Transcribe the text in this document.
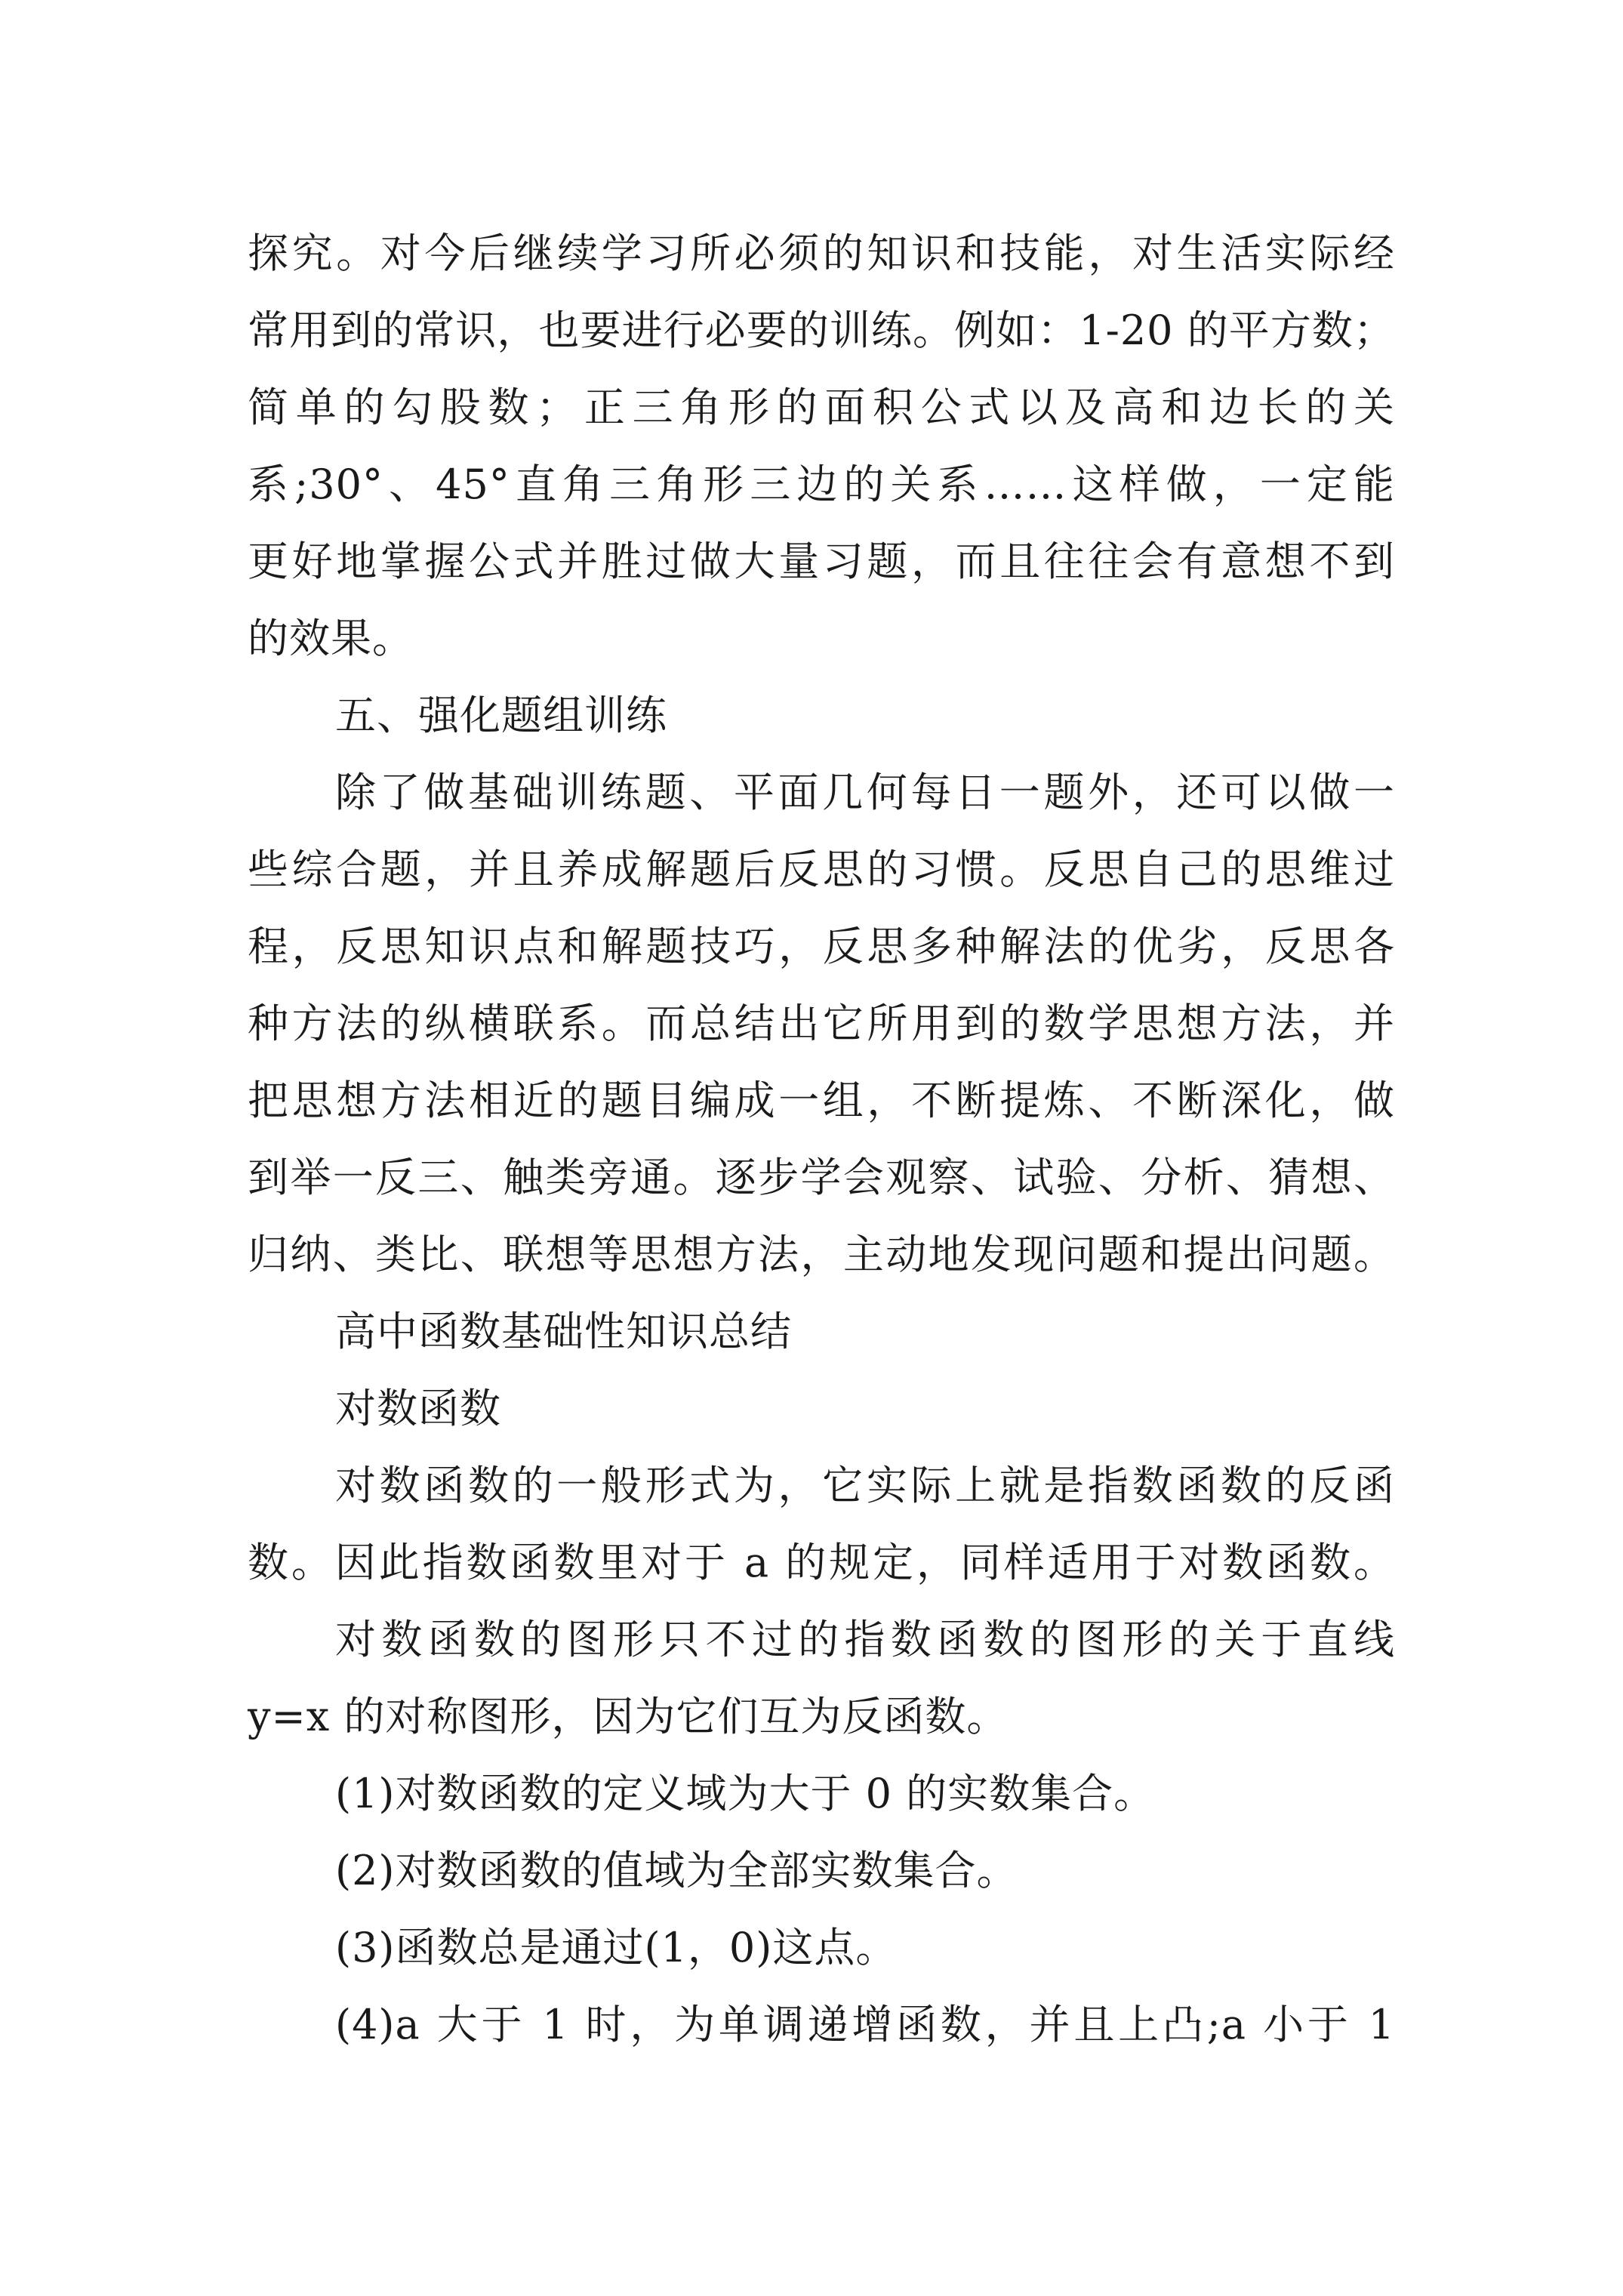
探究。对今后继续学习所必须的知识和技能，对生活实际经
常用到的常识，也要进行必要的训练。例如：1-20 的平方数；
简单的勾股数；正三角形的面积公式以及高和边长的关
系;30°、45°直角三角形三边的关系……这样做，一定能
更好地掌握公式并胜过做大量习题，而且往往会有意想不到
的效果。
五、强化题组训练
除了做基础训练题、平面几何每日一题外，还可以做一
些综合题，并且养成解题后反思的习惯。反思自己的思维过
程，反思知识点和解题技巧，反思多种解法的优劣，反思各
种方法的纵横联系。而总结出它所用到的数学思想方法，并
把思想方法相近的题目编成一组，不断提炼、不断深化，做
到举一反三、触类旁通。逐步学会观察、试验、分析、猜想、
归纳、类比、联想等思想方法，主动地发现问题和提出问题。
高中函数基础性知识总结
对数函数
对数函数的一般形式为，它实际上就是指数函数的反函
数。因此指数函数里对于 a 的规定，同样适用于对数函数。
对数函数的图形只不过的指数函数的图形的关于直线
y=x 的对称图形，因为它们互为反函数。
(1)对数函数的定义域为大于 0 的实数集合。
(2)对数函数的值域为全部实数集合。
(3)函数总是通过(1，0)这点。
(4)a 大于 1 时，为单调递增函数，并且上凸;a 小于 1
